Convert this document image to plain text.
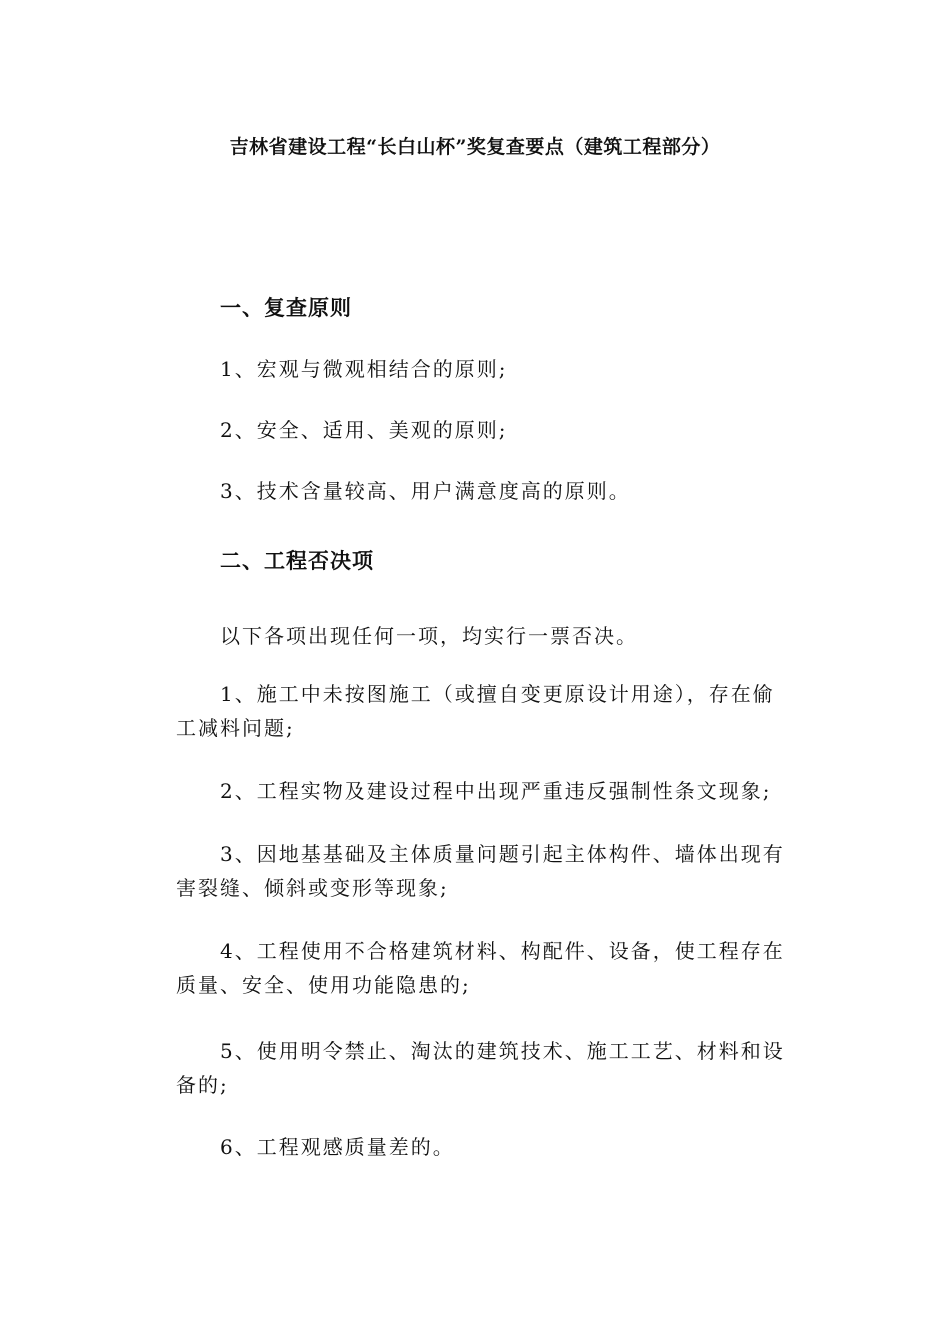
吉林省建设工程“长白山杯”奖复查要点（建筑工程部分）
一、复查原则
1、宏观与微观相结合的原则;
2、安全、适用、美观的原则;
3、技术含量较高、用户满意度高的原则。
二、工程否决项
以下各项出现任何一项，均实行一票否决。
1、施工中未按图施工（或擅自变更原设计用途），存在偷工减料问题;
2、工程实物及建设过程中出现严重违反强制性条文现象;
3、因地基基础及主体质量问题引起主体构件、墙体出现有害裂缝、倾斜或变形等现象;
4、工程使用不合格建筑材料、构配件、设备，使工程存在质量、安全、使用功能隐患的;
5、使用明令禁止、淘汰的建筑技术、施工工艺、材料和设备的;
6、工程观感质量差的。
